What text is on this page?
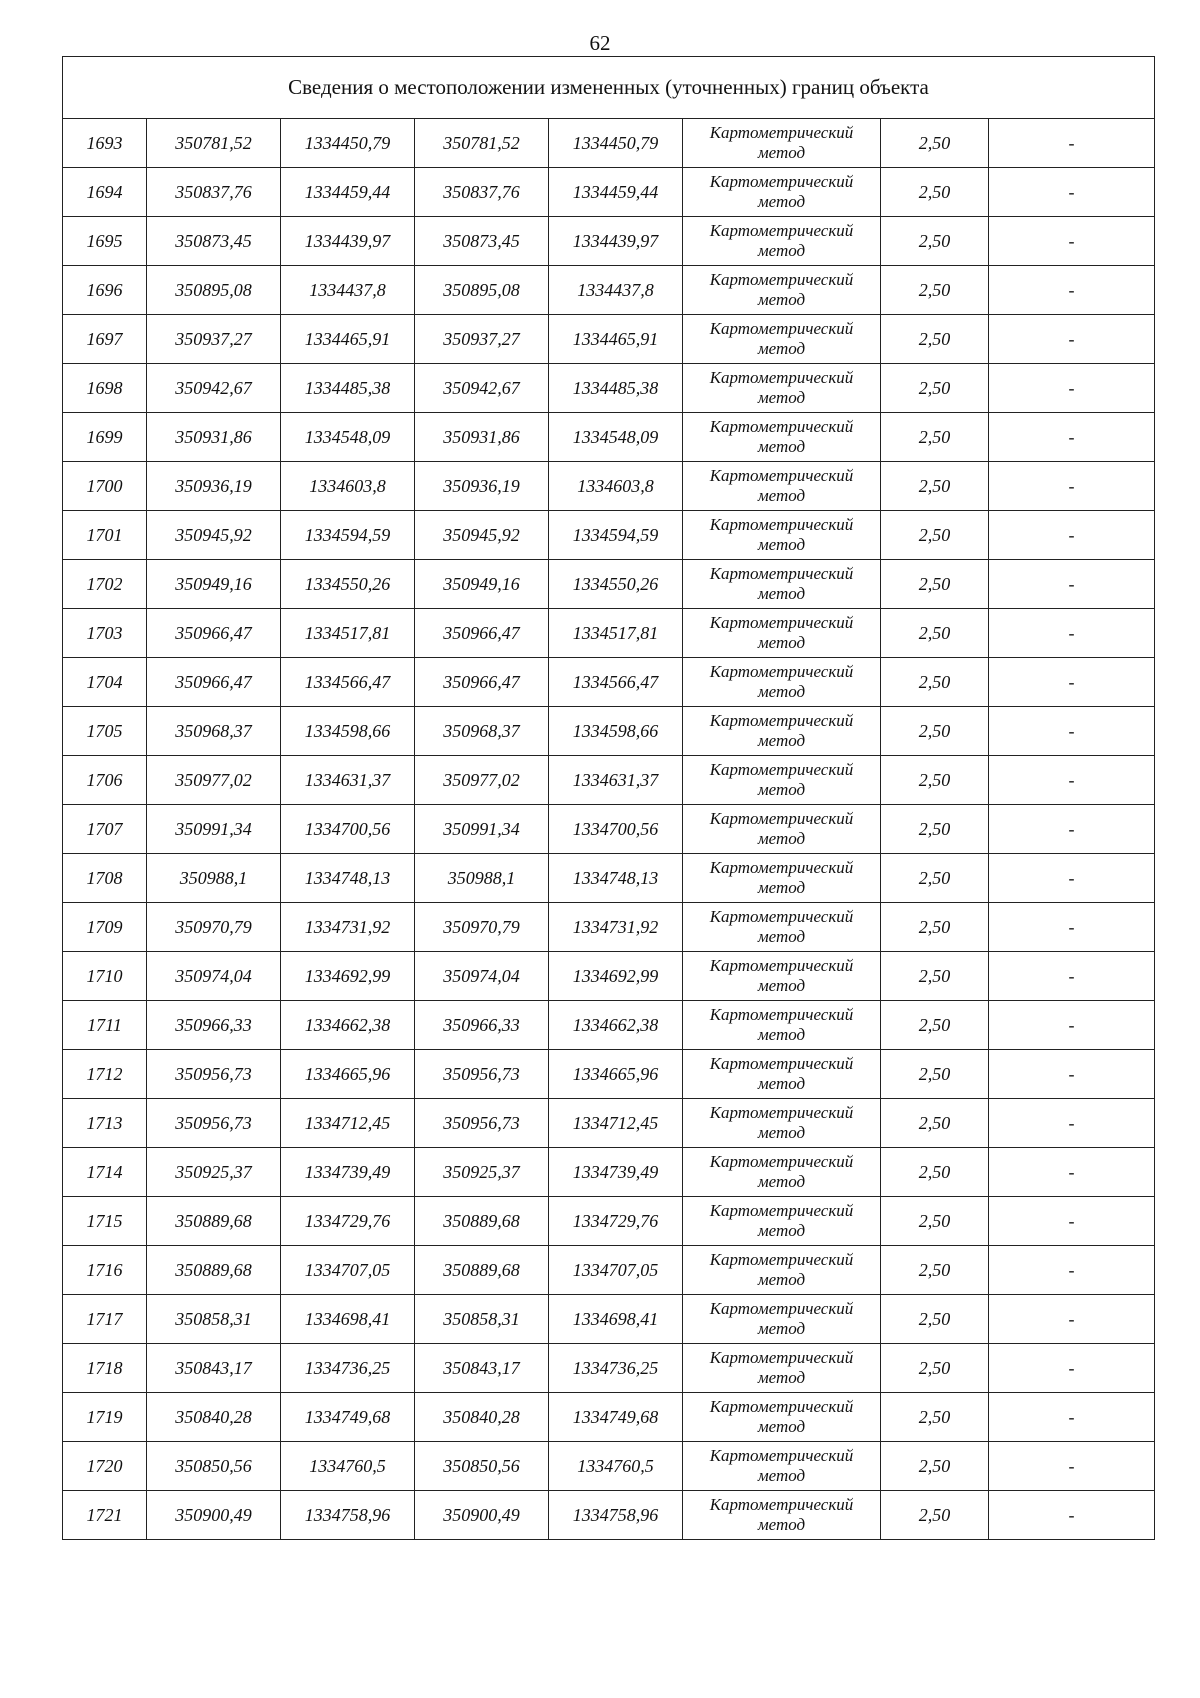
62
Сведения о местоположении измененных (уточненных) границ объекта							
1693	350781,52	1334450,79	350781,52	1334450,79	Картометрический
метод	2,50	-
1694	350837,76	1334459,44	350837,76	1334459,44	Картометрический
метод	2,50	-
1695	350873,45	1334439,97	350873,45	1334439,97	Картометрический
метод	2,50	-
1696	350895,08	1334437,8	350895,08	1334437,8	Картометрический
метод	2,50	-
1697	350937,27	1334465,91	350937,27	1334465,91	Картометрический
метод	2,50	-
1698	350942,67	1334485,38	350942,67	1334485,38	Картометрический
метод	2,50	-
1699	350931,86	1334548,09	350931,86	1334548,09	Картометрический
метод	2,50	-
1700	350936,19	1334603,8	350936,19	1334603,8	Картометрический
метод	2,50	-
1701	350945,92	1334594,59	350945,92	1334594,59	Картометрический
метод	2,50	-
1702	350949,16	1334550,26	350949,16	1334550,26	Картометрический
метод	2,50	-
1703	350966,47	1334517,81	350966,47	1334517,81	Картометрический
метод	2,50	-
1704	350966,47	1334566,47	350966,47	1334566,47	Картометрический
метод	2,50	-
1705	350968,37	1334598,66	350968,37	1334598,66	Картометрический
метод	2,50	-
1706	350977,02	1334631,37	350977,02	1334631,37	Картометрический
метод	2,50	-
1707	350991,34	1334700,56	350991,34	1334700,56	Картометрический
метод	2,50	-
1708	350988,1	1334748,13	350988,1	1334748,13	Картометрический
метод	2,50	-
1709	350970,79	1334731,92	350970,79	1334731,92	Картометрический
метод	2,50	-
1710	350974,04	1334692,99	350974,04	1334692,99	Картометрический
метод	2,50	-
1711	350966,33	1334662,38	350966,33	1334662,38	Картометрический
метод	2,50	-
1712	350956,73	1334665,96	350956,73	1334665,96	Картометрический
метод	2,50	-
1713	350956,73	1334712,45	350956,73	1334712,45	Картометрический
метод	2,50	-
1714	350925,37	1334739,49	350925,37	1334739,49	Картометрический
метод	2,50	-
1715	350889,68	1334729,76	350889,68	1334729,76	Картометрический
метод	2,50	-
1716	350889,68	1334707,05	350889,68	1334707,05	Картометрический
метод	2,50	-
1717	350858,31	1334698,41	350858,31	1334698,41	Картометрический
метод	2,50	-
1718	350843,17	1334736,25	350843,17	1334736,25	Картометрический
метод	2,50	-
1719	350840,28	1334749,68	350840,28	1334749,68	Картометрический
метод	2,50	-
1720	350850,56	1334760,5	350850,56	1334760,5	Картометрический
метод	2,50	-
1721	350900,49	1334758,96	350900,49	1334758,96	Картометрический
метод	2,50	-
